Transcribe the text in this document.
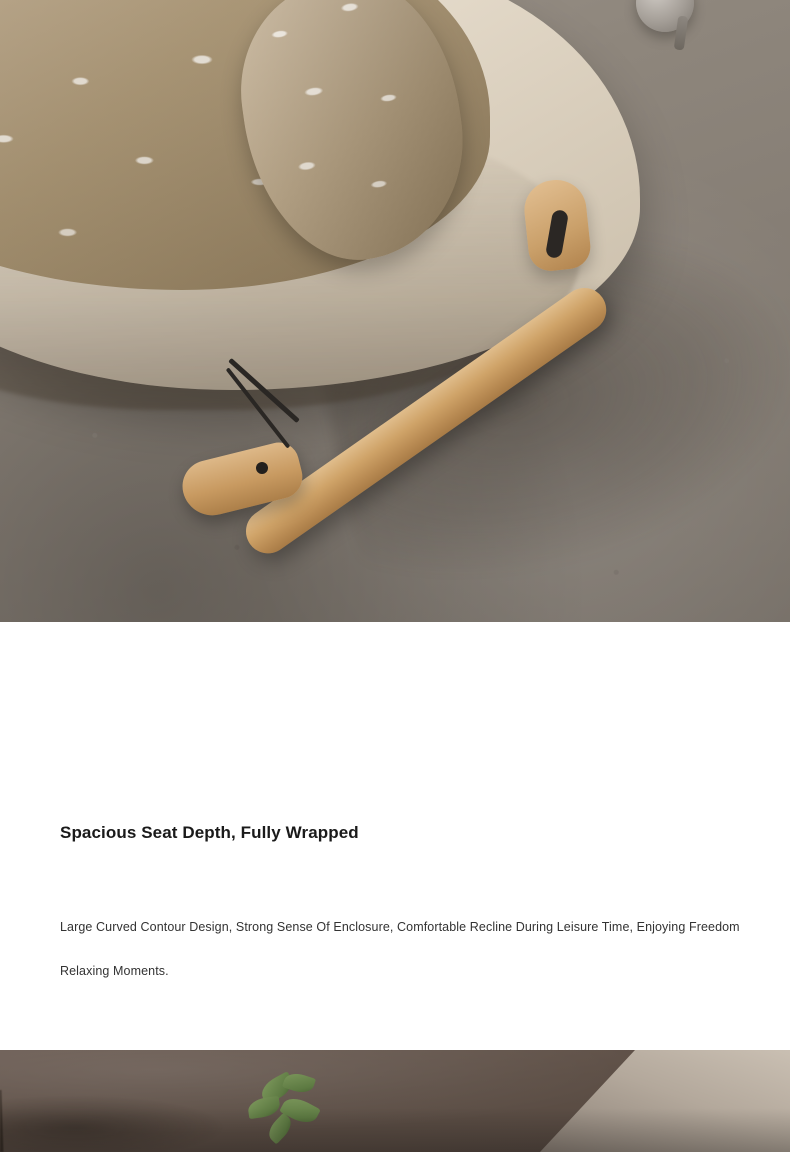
Spacious Seat Depth, Fully Wrapped
Large Curved Contour Design, Strong Sense Of Enclosure, Comfortable Recline During Leisure Time, Enjoying Freedom Relaxing Moments.
